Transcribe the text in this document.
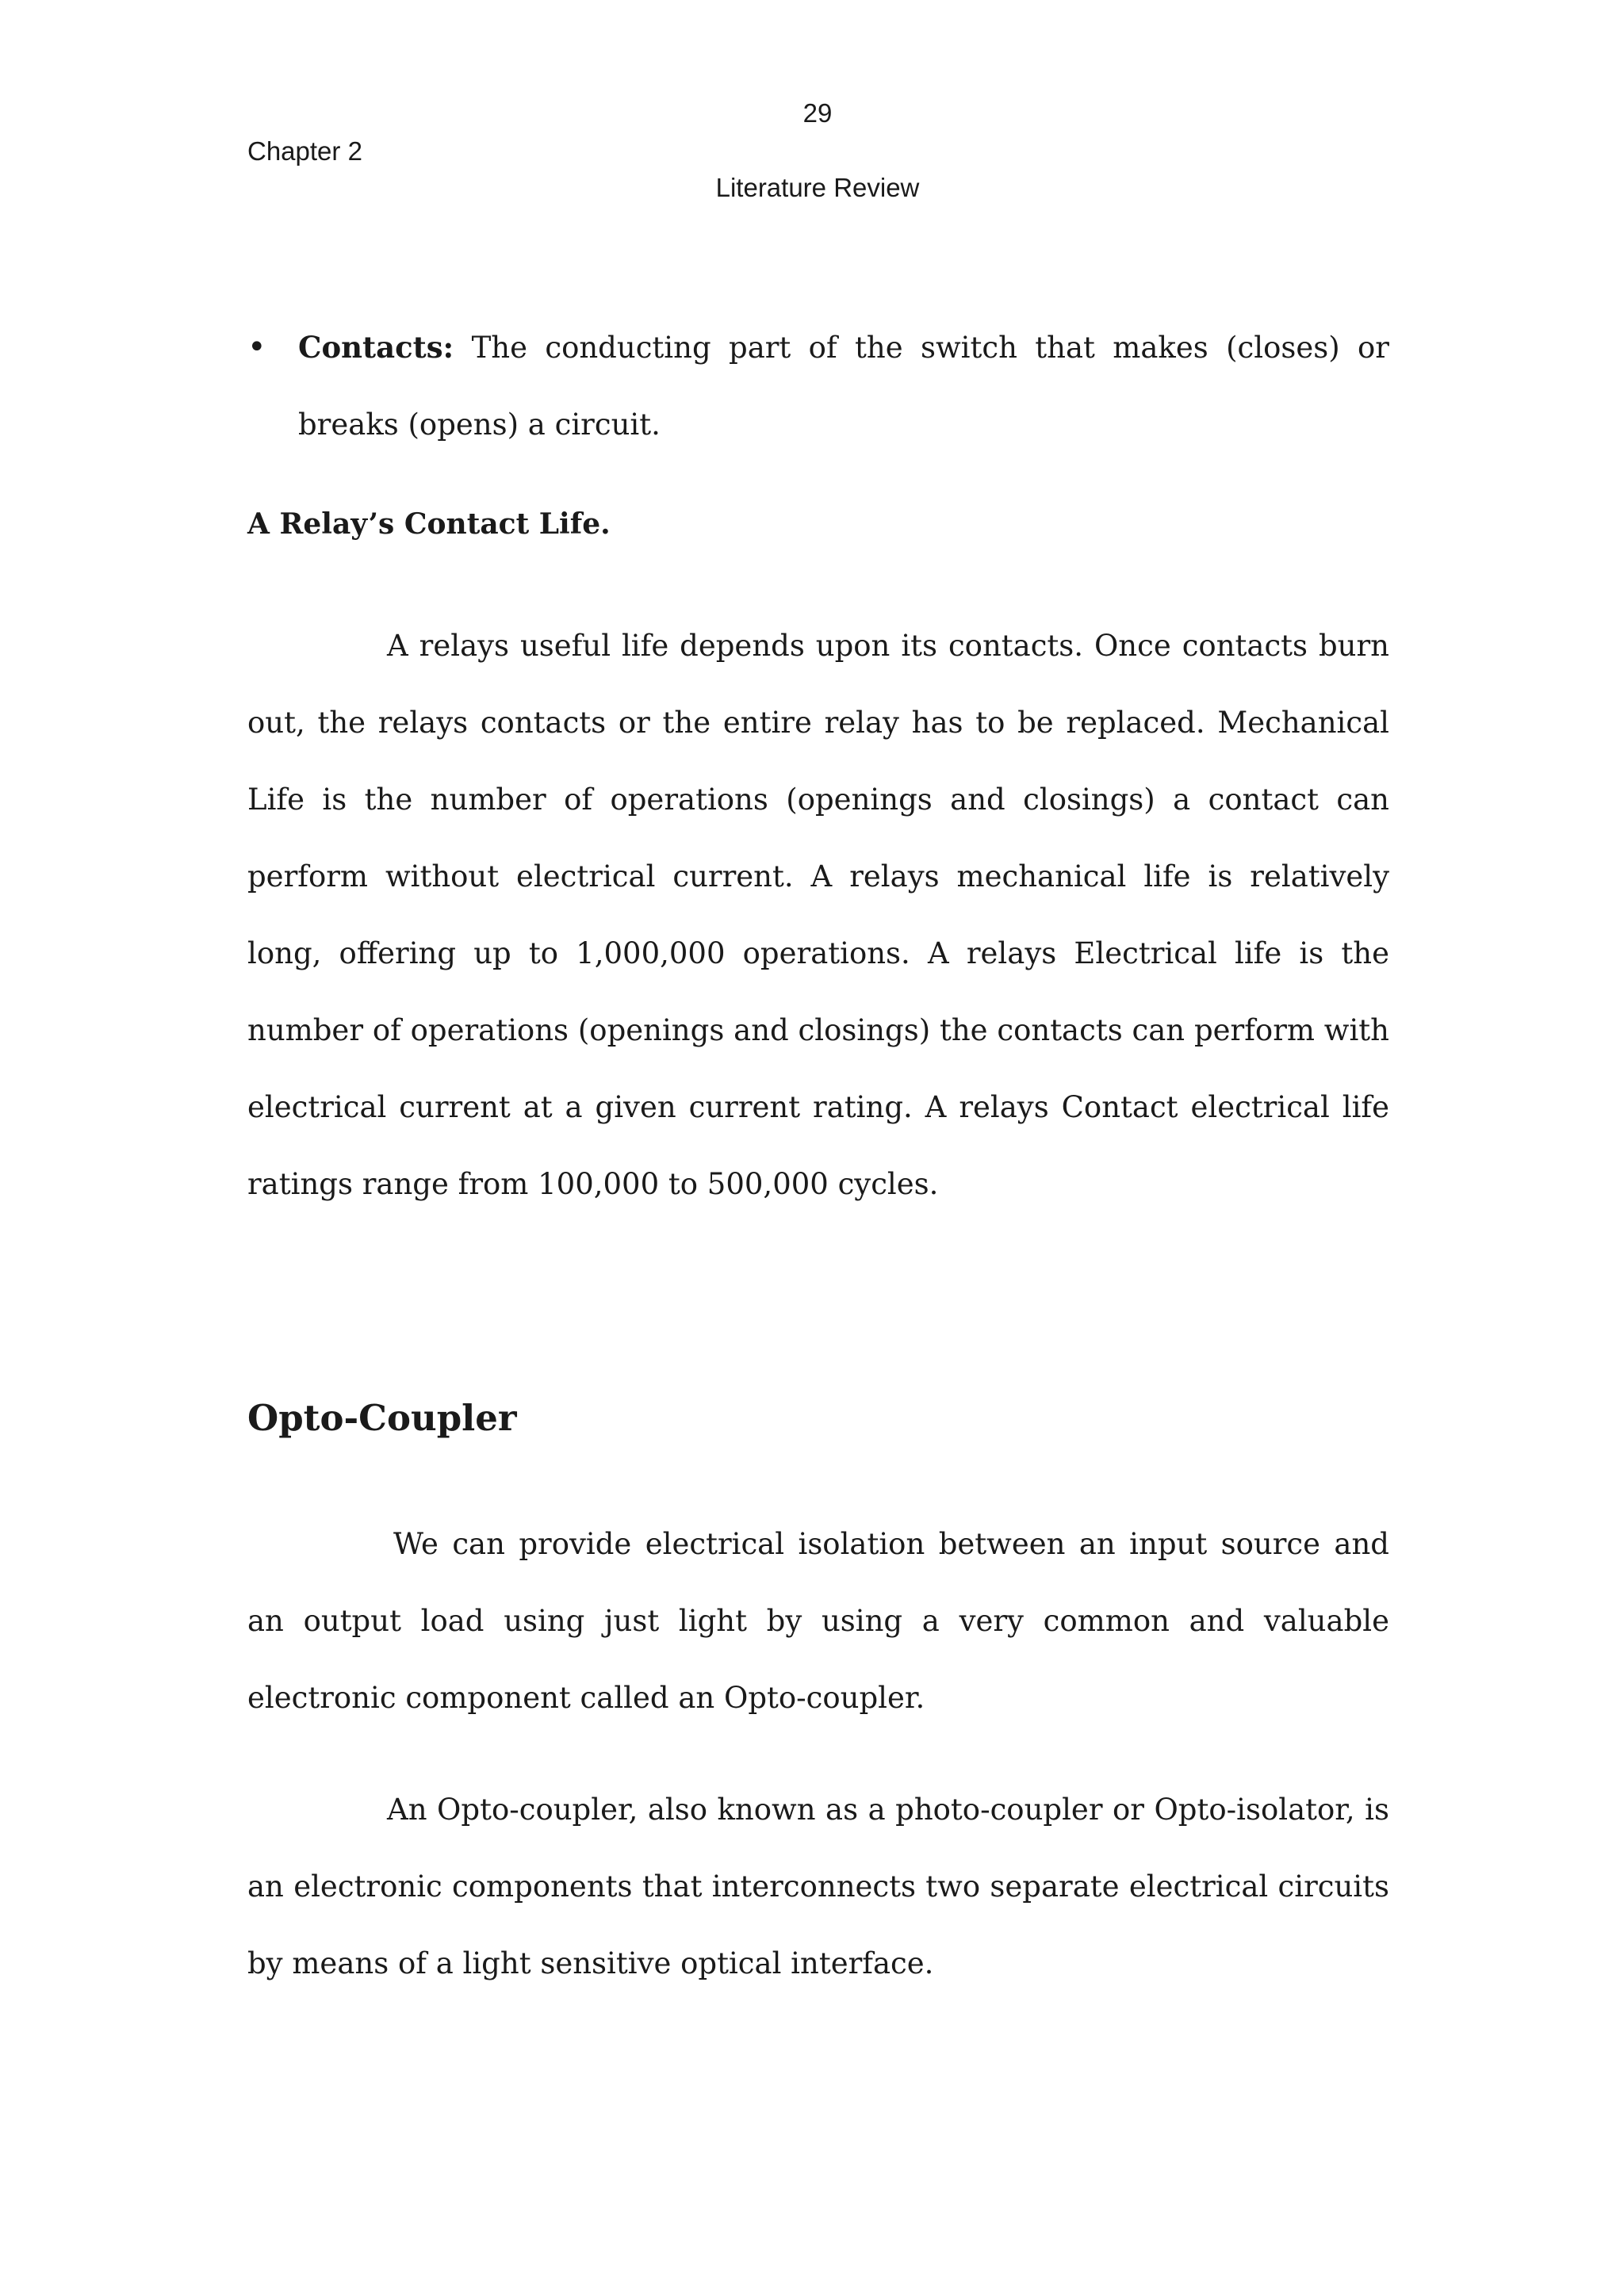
29
Chapter 2
Literature Review
• Contacts: The conducting part of the switch that makes (closes) or breaks (opens) a circuit.
A Relay’s Contact Life.

A relays useful life depends upon its contacts. Once contacts burn out, the relays contacts or the entire relay has to be replaced. Mechanical Life is the number of operations (openings and closings) a contact can perform without electrical current. A relays mechanical life is relatively long, offering up to 1,000,000 operations. A relays Electrical life is the number of operations (openings and closings) the contacts can perform with electrical current at a given current rating. A relays Contact electrical life ratings range from 100,000 to 500,000 cycles.

Opto-Coupler

We can provide electrical isolation between an input source and an output load using just light by using a very common and valuable electronic component called an Opto-coupler.

An Opto-coupler, also known as a photo-coupler or Opto-isolator, is an electronic components that interconnects two separate electrical circuits by means of a light sensitive optical interface.
